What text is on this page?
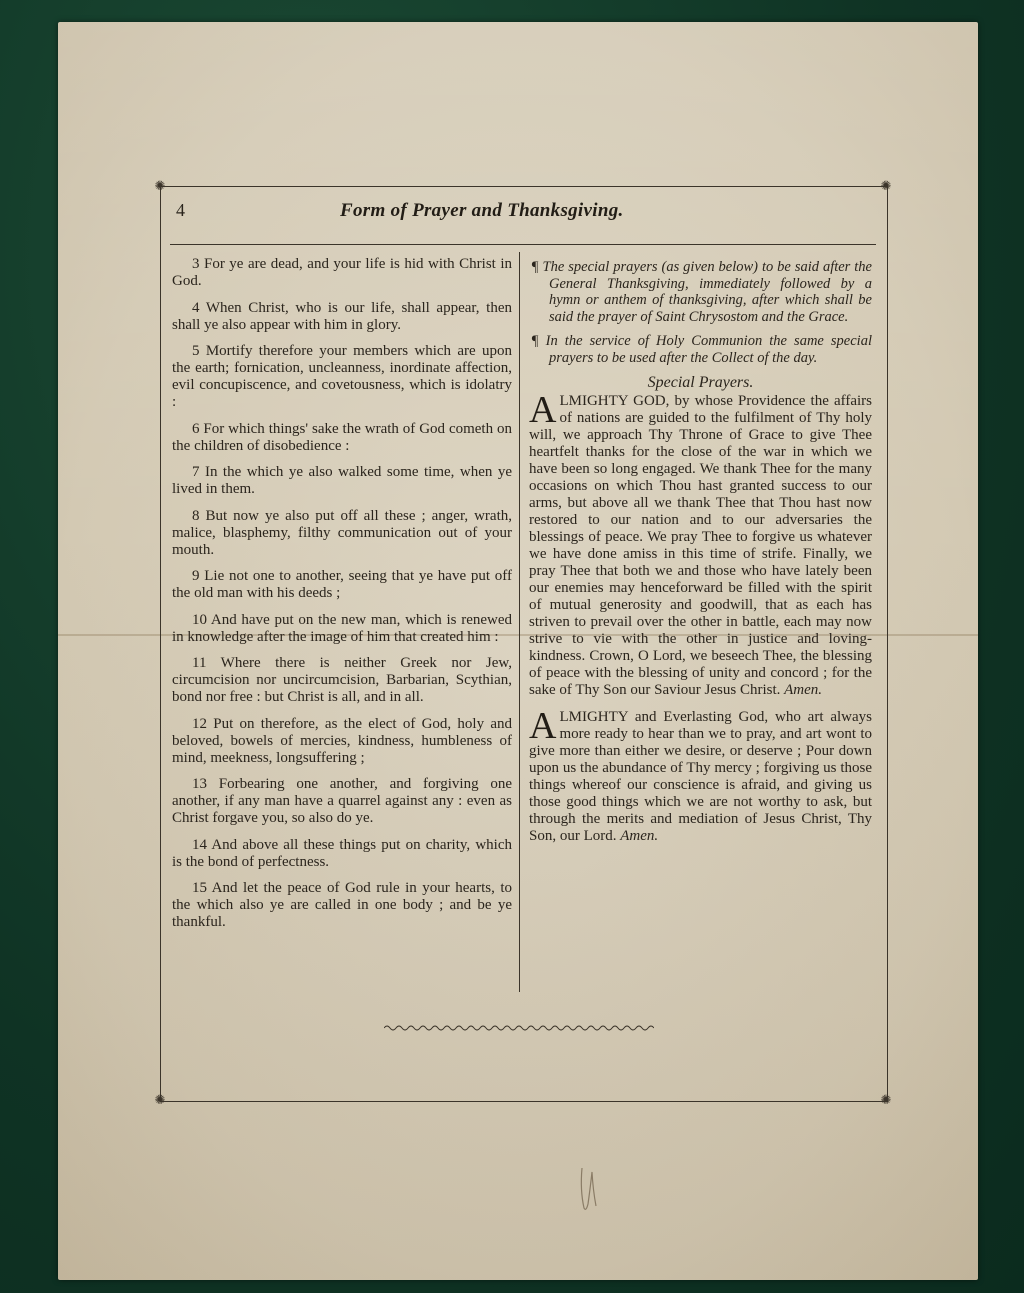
✺	✺
✺	✺
4	Form of Prayer and Thanksgiving.

3 For ye are dead, and your life is hid with Christ in God.

4 When Christ, who is our life, shall appear, then shall ye also appear with him in glory.

5 Mortify therefore your members which are upon the earth; fornication, uncleanness, inordinate affection, evil concupiscence, and covetousness, which is idolatry :

6 For which things' sake the wrath of God cometh on the children of disobedience :

7 In the which ye also walked some time, when ye lived in them.

8 But now ye also put off all these ; anger, wrath, malice, blasphemy, filthy communication out of your mouth.

9 Lie not one to another, seeing that ye have put off the old man with his deeds ;

10 And have put on the new man, which is renewed in knowledge after the image of him that created him :

11 Where there is neither Greek nor Jew, circumcision nor uncircumcision, Barbarian, Scythian, bond nor free : but Christ is all, and in all.

12 Put on therefore, as the elect of God, holy and beloved, bowels of mercies, kindness, humbleness of mind, meekness, longsuffering ;

13 Forbearing one another, and forgiving one another, if any man have a quarrel against any : even as Christ forgave you, so also do ye.

14 And above all these things put on charity, which is the bond of perfectness.

15 And let the peace of God rule in your hearts, to the which also ye are called in one body ; and be ye thankful.

¶ The special prayers (as given below) to be said after the General Thanksgiving, immediately followed by a hymn or anthem of thanksgiving, after which shall be said the prayer of Saint Chrysostom and the Grace.

¶ In the service of Holy Communion the same special prayers to be used after the Collect of the day.

Special Prayers.

ALMIGHTY GOD, by whose Providence the affairs of nations are guided to the fulfilment of Thy holy will, we approach Thy Throne of Grace to give Thee heartfelt thanks for the close of the war in which we have been so long engaged. We thank Thee for the many occasions on which Thou hast granted success to our arms, but above all we thank Thee that Thou hast now restored to our nation and to our adversaries the blessings of peace. We pray Thee to forgive us whatever we have done amiss in this time of strife. Finally, we pray Thee that both we and those who have lately been our enemies may henceforward be filled with the spirit of mutual generosity and goodwill, that as each has striven to prevail over the other in battle, each may now strive to vie with the other in justice and loving-kindness. Crown, O Lord, we beseech Thee, the blessing of peace with the blessing of unity and concord ; for the sake of Thy Son our Saviour Jesus Christ. Amen.

ALMIGHTY and Everlasting God, who art always more ready to hear than we to pray, and art wont to give more than either we desire, or deserve ; Pour down upon us the abundance of Thy mercy ; forgiving us those things whereof our conscience is afraid, and giving us those good things which we are not worthy to ask, but through the merits and mediation of Jesus Christ, Thy Son, our Lord. Amen.
